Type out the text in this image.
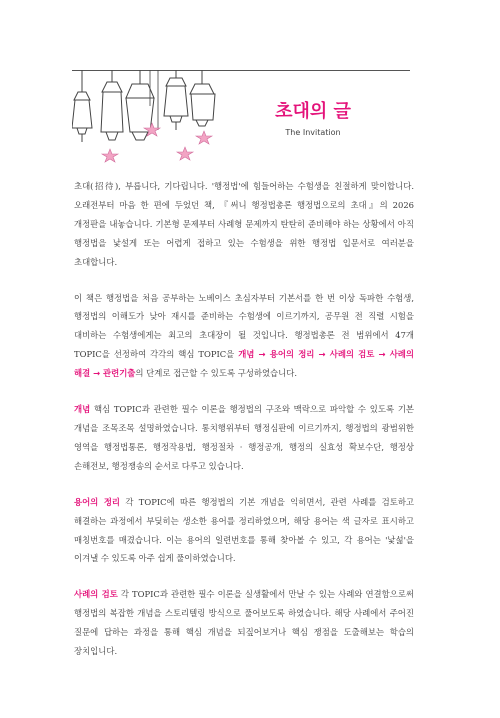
초대의 글
The Invitation

초대(招待), 부릅니다, 기다립니다. '행정법'에 힘들어하는 수험생을 친절하게 맞이합니다. 오래전부터 마음 한 편에 두었던 책, 『써니 행정법총론 행정법으로의 초대』의 2026 개정판을 내놓습니다. 기본형 문제부터 사례형 문제까지 탄탄히 준비해야 하는 상황에서 아직 행정법을 낯설게 또는 어렵게 접하고 있는 수험생을 위한 행정법 입문서로 여러분을 초대합니다.

이 책은 행정법을 처음 공부하는 노베이스 초심자부터 기본서를 한 번 이상 독파한 수험생, 행정법의 이해도가 낮아 재시를 준비하는 수험생에 이르기까지, 공무원 전 직렬 시험을 대비하는 수험생에게는 최고의 초대장이 될 것입니다. 행정법총론 전 범위에서 47개 TOPIC을 선정하여 각각의 핵심 TOPIC을 개념 → 용어의 정리 → 사례의 검토 → 사례의 해결 → 관련기출의 단계로 접근할 수 있도록 구성하였습니다.

개념 핵심 TOPIC과 관련한 필수 이론을 행정법의 구조와 맥락으로 파악할 수 있도록 기본 개념을 조목조목 설명하였습니다. 통치행위부터 행정심판에 이르기까지, 행정법의 광범위한 영역을 행정법통론, 행정작용법, 행정절차 · 행정공개, 행정의 실효성 확보수단, 행정상 손해전보, 행정쟁송의 순서로 다루고 있습니다.

용어의 정리 각 TOPIC에 따른 행정법의 기본 개념을 익히면서, 관련 사례를 검토하고 해결하는 과정에서 부딪히는 생소한 용어를 정리하였으며, 해당 용어는 색 글자로 표시하고 매칭번호를 매겼습니다. 이는 용어의 일련번호를 통해 찾아볼 수 있고, 각 용어는 '낯섦'을 이겨낼 수 있도록 아주 쉽게 풀이하였습니다.

사례의 검토 각 TOPIC과 관련한 필수 이론을 실생활에서 만날 수 있는 사례와 연결함으로써 행정법의 복잡한 개념을 스토리텔링 방식으로 풀어보도록 하였습니다. 해당 사례에서 주어진 질문에 답하는 과정을 통해 핵심 개념을 되짚어보거나 핵심 쟁점을 도출해보는 학습의 장치입니다.
